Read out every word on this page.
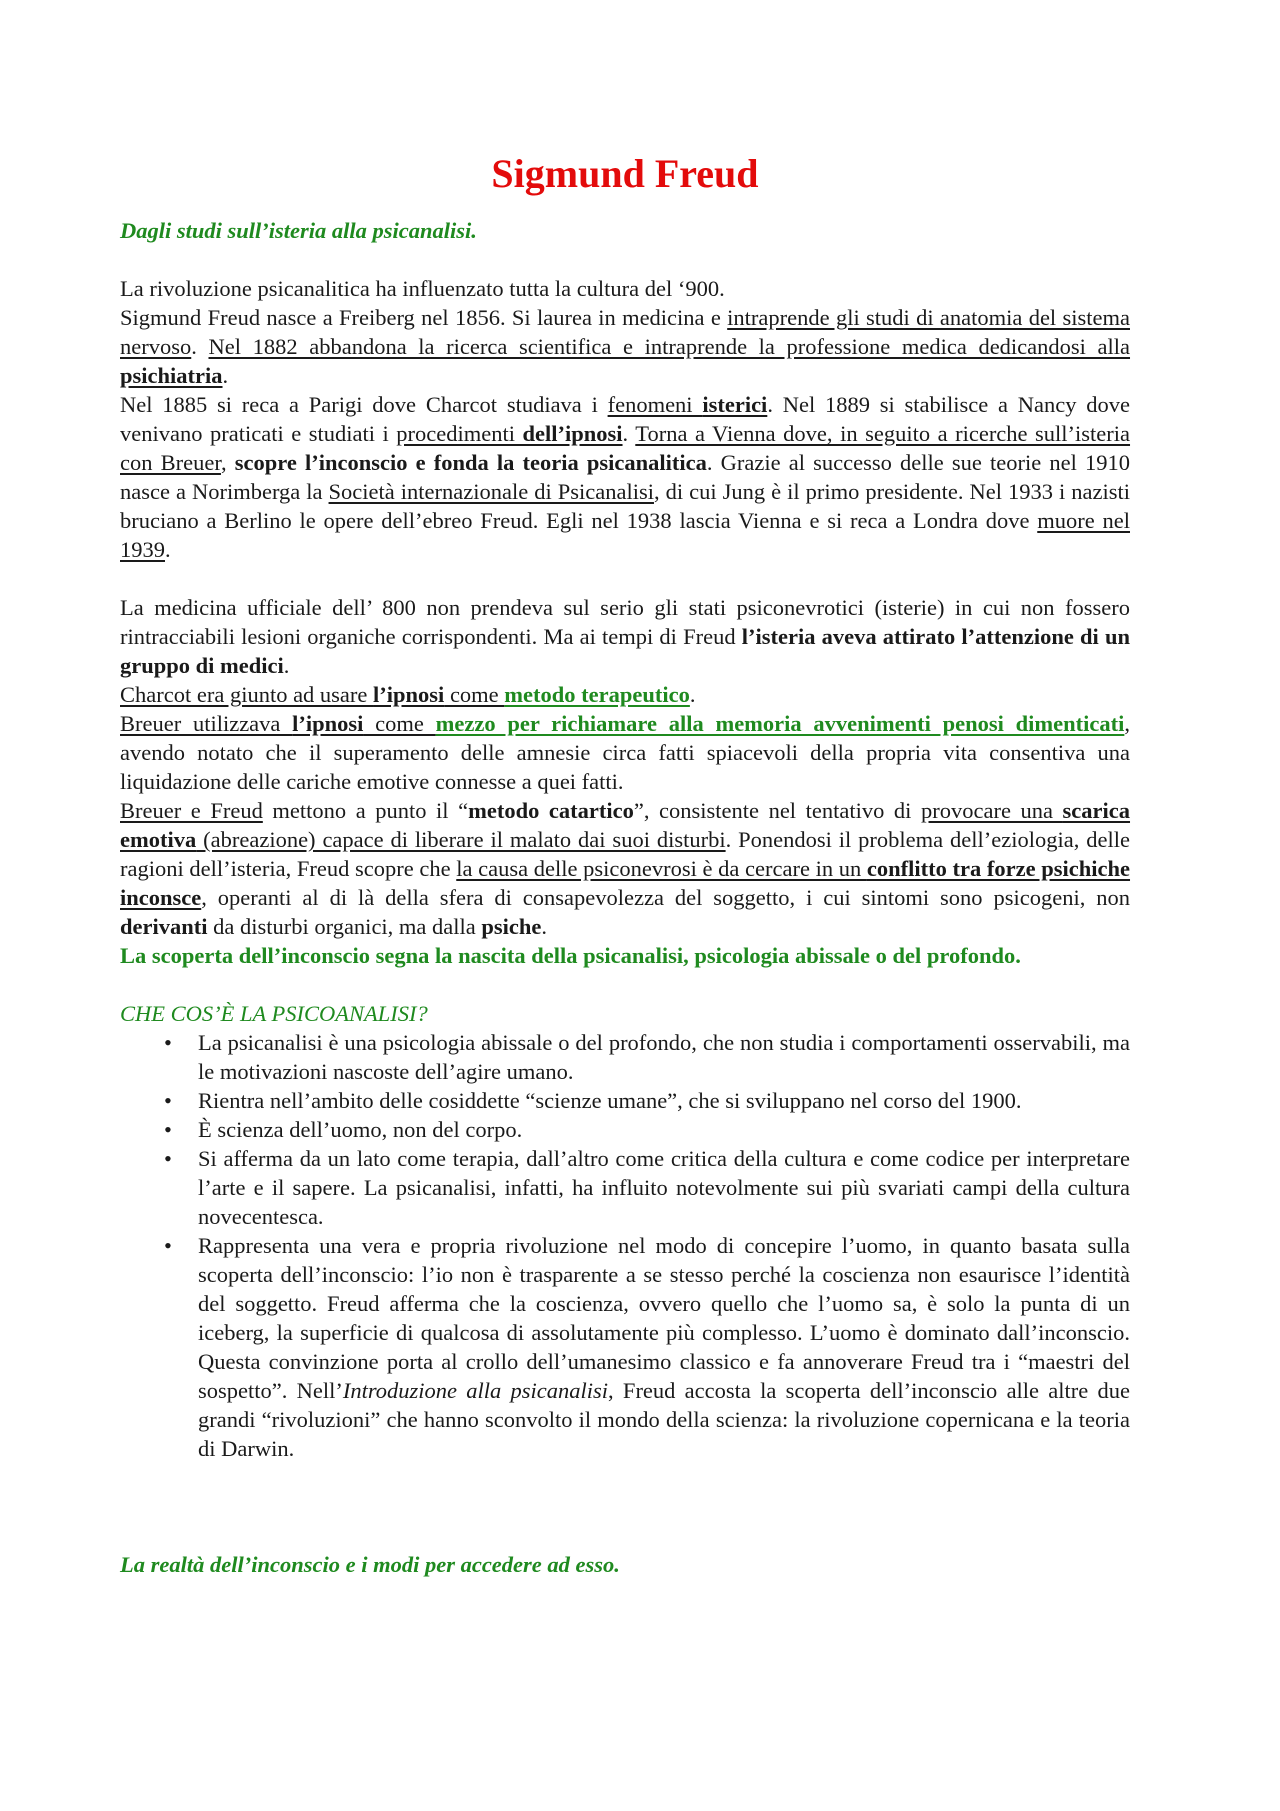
Sigmund Freud

Dagli studi sull’isteria alla psicanalisi.

La rivoluzione psicanalitica ha influenzato tutta la cultura del ‘900.

Sigmund Freud nasce a Freiberg nel 1856. Si laurea in medicina e intraprende gli studi di anatomia del sistema nervoso. Nel 1882 abbandona la ricerca scientifica e intraprende la professione medica dedicandosi alla psichiatria.

Nel 1885 si reca a Parigi dove Charcot studiava i fenomeni isterici. Nel 1889 si stabilisce a Nancy dove venivano praticati e studiati i procedimenti dell’ipnosi. Torna a Vienna dove, in seguito a ricerche sull’isteria con Breuer, scopre l’inconscio e fonda la teoria psicanalitica. Grazie al successo delle sue teorie nel 1910 nasce a Norimberga la Società internazionale di Psicanalisi, di cui Jung è il primo presidente. Nel 1933 i nazisti bruciano a Berlino le opere dell’ebreo Freud. Egli nel 1938 lascia Vienna e si reca a Londra dove muore nel 1939.

La medicina ufficiale dell’ 800 non prendeva sul serio gli stati psiconevrotici (isterie) in cui non fossero rintracciabili lesioni organiche corrispondenti. Ma ai tempi di Freud l’isteria aveva attirato l’attenzione di un gruppo di medici.

Charcot era giunto ad usare l’ipnosi come metodo terapeutico.

Breuer utilizzava l’ipnosi come mezzo per richiamare alla memoria avvenimenti penosi dimenticati, avendo notato che il superamento delle amnesie circa fatti spiacevoli della propria vita consentiva una liquidazione delle cariche emotive connesse a quei fatti.

Breuer e Freud mettono a punto il “metodo catartico”, consistente nel tentativo di provocare una scarica emotiva (abreazione) capace di liberare il malato dai suoi disturbi. Ponendosi il problema dell’eziologia, delle ragioni dell’isteria, Freud scopre che la causa delle psiconevrosi è da cercare in un conflitto tra forze psichiche inconsce, operanti al di là della sfera di consapevolezza del soggetto, i cui sintomi sono psicogeni, non derivanti da disturbi organici, ma dalla psiche.

La scoperta dell’inconscio segna la nascita della psicanalisi, psicologia abissale o del profondo.

CHE COS’È LA PSICOANALISI?

• La psicanalisi è una psicologia abissale o del profondo, che non studia i comportamenti osservabili, ma le motivazioni nascoste dell’agire umano.
• Rientra nell’ambito delle cosiddette “scienze umane”, che si sviluppano nel corso del 1900.
• È scienza dell’uomo, non del corpo.
• Si afferma da un lato come terapia, dall’altro come critica della cultura e come codice per interpretare l’arte e il sapere. La psicanalisi, infatti, ha influito notevolmente sui più svariati campi della cultura novecentesca.
• Rappresenta una vera e propria rivoluzione nel modo di concepire l’uomo, in quanto basata sulla scoperta dell’inconscio: l’io non è trasparente a se stesso perché la coscienza non esaurisce l’identità del soggetto. Freud afferma che la coscienza, ovvero quello che l’uomo sa, è solo la punta di un iceberg, la superficie di qualcosa di assolutamente più complesso. L’uomo è dominato dall’inconscio. Questa convinzione porta al crollo dell’umanesimo classico e fa annoverare Freud tra i “maestri del sospetto”. Nell’Introduzione alla psicanalisi, Freud accosta la scoperta dell’inconscio alle altre due grandi “rivoluzioni” che hanno sconvolto il mondo della scienza: la rivoluzione copernicana e la teoria di Darwin.

La realtà dell’inconscio e i modi per accedere ad esso.
